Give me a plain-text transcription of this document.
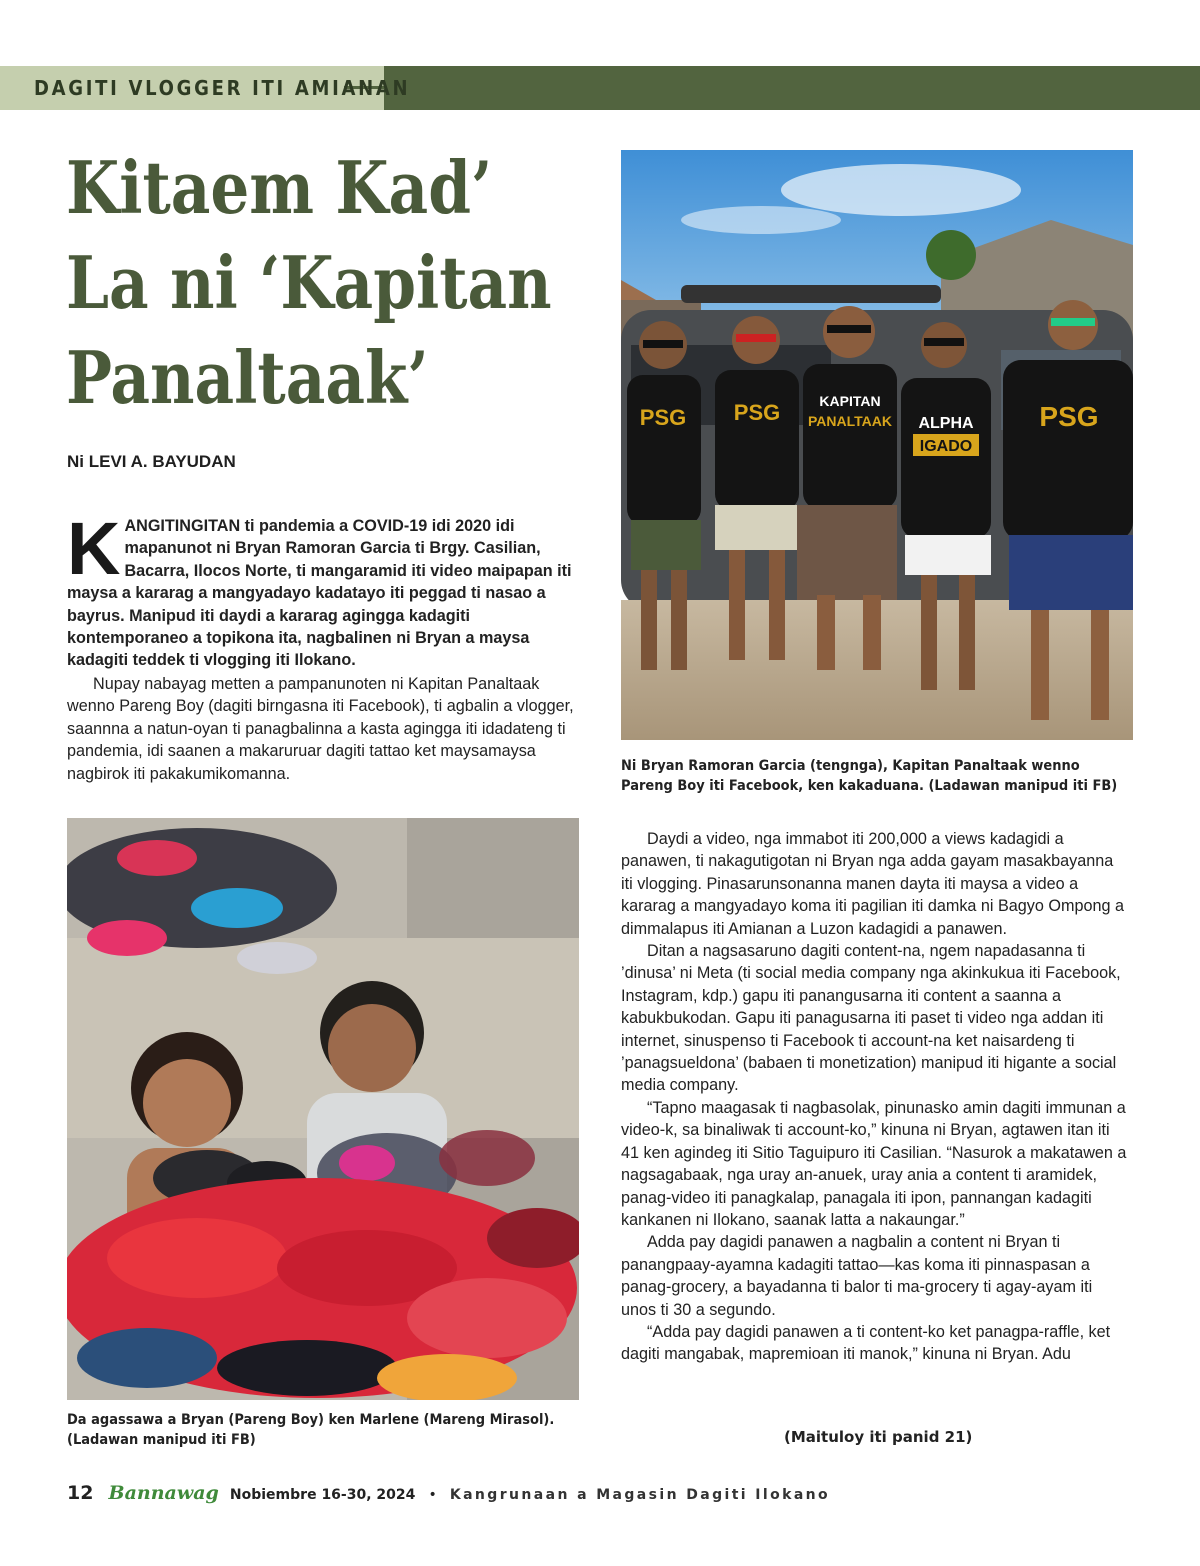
DAGITI VLOGGER ITI AMIANAN
Kitaem Kad’
La ni ‘Kapitan
Panaltaak’
Ni LEVI A. BAYUDAN
K ANGITINGITAN ti pandemia a COVID-19 idi 2020 idi mapanunot ni Bryan Ramoran Garcia ti Brgy. Casilian, Bacarra, Ilocos Norte, ti mangaramid iti video maipapan iti maysa a kararag a mangyadayo kadatayo iti peggad ti nasao a bayrus. Manipud iti daydi a kararag agingga kadagiti kontemporaneo a topikona ita, nagbalinen ni Bryan a maysa kadagiti teddek ti vlogging iti Ilokano.

Nupay nabayag metten a pampanunoten ni Kapitan Panaltaak wenno Pareng Boy (dagiti birngasna iti Facebook), ti agbalin a vlogger, saannna a natun-oyan ti panagbalinna a kasta agingga iti idadateng ti pandemia, idi saanen a makaruruar dagiti tattao ket maysamaysa nagbirok iti pakakumikomanna.

PSG PSG	KAPITAN
PANALTAAK ALPHA
IGADO
PSG
Ni Bryan Ramoran Garcia (tengnga), Kapitan Panaltaak wenno Pareng Boy iti Facebook, ken kakaduana. (Ladawan manipud iti FB)
Da agassawa a Bryan (Pareng Boy) ken Marlene (Mareng Mirasol). (Ladawan manipud iti FB)

Daydi a video, nga immabot iti 200,000 a views kadagidi a panawen, ti nakagutigotan ni Bryan nga adda gayam masakbayanna iti vlogging. Pinasarunsonanna manen dayta iti maysa a video a kararag a mangyadayo koma iti pagilian iti damka ni Bagyo Ompong a dimmalapus iti Amianan a Luzon kadagidi a panawen.

Ditan a nagsasaruno dagiti content-na, ngem napadasanna ti ’dinusa’ ni Meta (ti social media company nga akinkukua iti Facebook, Instagram, kdp.) gapu iti panangusarna iti content a saanna a kabukbukodan. Gapu iti panagusarna iti paset ti video nga addan iti internet, sinuspenso ti Facebook ti account-na ket naisardeng ti ’panagsueldona’ (babaen ti monetization) manipud iti higante a social media company.

“Tapno maagasak ti nagbasolak, pinunasko amin dagiti immunan a video-k, sa binaliwak ti account-ko,” kinuna ni Bryan, agtawen itan iti 41 ken agindeg iti Sitio Taguipuro iti Casilian. “Nasurok a makatawen a nagsagabaak, nga uray an-anuek, uray ania a content ti aramidek, panag-video iti panagkalap, panagala iti ipon, pannangan kadagiti kankanen ni Ilokano, saanak latta a nakaungar.”

Adda pay dagidi panawen a nagbalin a content ni Bryan ti panangpaay-ayamna kadagiti tattao—kas koma iti pinnaspasan a panag-grocery, a bayadanna ti balor ti ma-grocery ti agay-ayam iti unos ti 30 a segundo.

“Adda pay dagidi panawen a ti content-ko ket panagpa-raffle, ket dagiti mangabak, mapremioan iti manok,” kinuna ni Bryan. Adu

(Maituloy iti panid 21)
12 Bannawag Nobiembre 16-30, 2024 • Kangrunaan a Magasin Dagiti Ilokano
